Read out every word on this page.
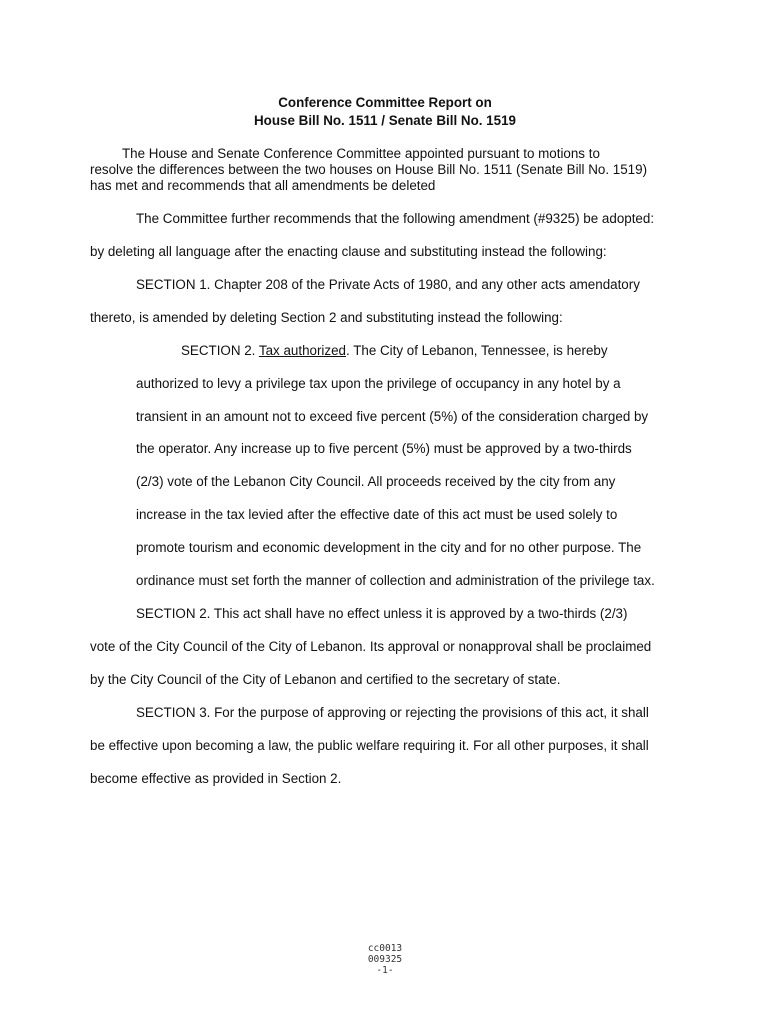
Conference Committee Report on

House Bill No. 1511 / Senate Bill No. 1519

The House and Senate Conference Committee appointed pursuant to motions to

resolve the differences between the two houses on House Bill No. 1511 (Senate Bill No. 1519)

has met and recommends that all amendments be deleted

The Committee further recommends that the following amendment (#9325) be adopted:

by deleting all language after the enacting clause and substituting instead the following:

SECTION 1. Chapter 208 of the Private Acts of 1980, and any other acts amendatory

thereto, is amended by deleting Section 2 and substituting instead the following:

SECTION 2. Tax authorized. The City of Lebanon, Tennessee, is hereby

authorized to levy a privilege tax upon the privilege of occupancy in any hotel by a

transient in an amount not to exceed five percent (5%) of the consideration charged by

the operator. Any increase up to five percent (5%) must be approved by a two-thirds

(2/3) vote of the Lebanon City Council. All proceeds received by the city from any

increase in the tax levied after the effective date of this act must be used solely to

promote tourism and economic development in the city and for no other purpose. The

ordinance must set forth the manner of collection and administration of the privilege tax.

SECTION 2. This act shall have no effect unless it is approved by a two-thirds (2/3)

vote of the City Council of the City of Lebanon. Its approval or nonapproval shall be proclaimed

by the City Council of the City of Lebanon and certified to the secretary of state.

SECTION 3. For the purpose of approving or rejecting the provisions of this act, it shall

be effective upon becoming a law, the public welfare requiring it. For all other purposes, it shall

become effective as provided in Section 2.

cc0013

009325

-1-
